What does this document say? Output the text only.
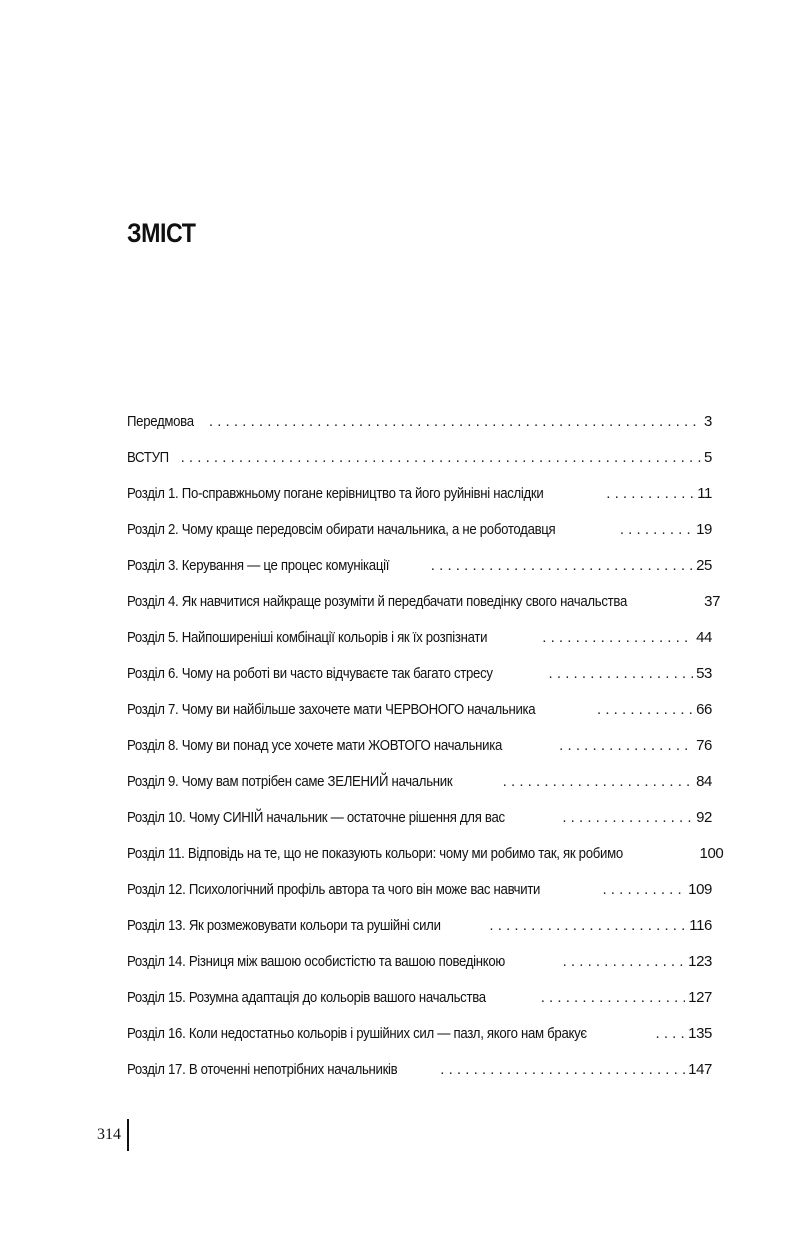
ЗМІСТ
Передмова . . .	3
ВСТУП . . .	5
Розділ 1. По-справжньому погане керівництво та його руйнівні наслідки . . .	11
Розділ 2. Чому краще передовсім обирати начальника, а не роботодавця . . .	19
Розділ 3. Керування — це процес комунікації . . .	25
Розділ 4. Як навчитися найкраще розуміти й передбачати поведінку свого начальства	37
Розділ 5. Найпоширеніші комбінації кольорів і як їх розпізнати . . .	44
Розділ 6. Чому на роботі ви часто відчуваєте так багато стресу . . .	53
Розділ 7. Чому ви найбільше захочете мати ЧЕРВОНОГО начальника . . .	66
Розділ 8. Чому ви понад усе хочете мати ЖОВТОГО начальника . . .	76
Розділ 9. Чому вам потрібен саме ЗЕЛЕНИЙ начальник . . .	84
Розділ 10. Чому СИНІЙ начальник — остаточне рішення для вас . . .	92
Розділ 11. Відповідь на те, що не показують кольори: чому ми робимо так, як робимо	100
Розділ 12. Психологічний профіль автора та чого він може вас навчити . . .	109
Розділ 13. Як розмежовувати кольори та рушійні сили . . .	116
Розділ 14. Різниця між вашою особистістю та вашою поведінкою . . .	123
Розділ 15. Розумна адаптація до кольорів вашого начальства . . .	127
Розділ 16. Коли недостатньо кольорів і рушійних сил — пазл, якого нам бракує . . .	135
Розділ 17. В оточенні непотрібних начальників . . .	147
314
